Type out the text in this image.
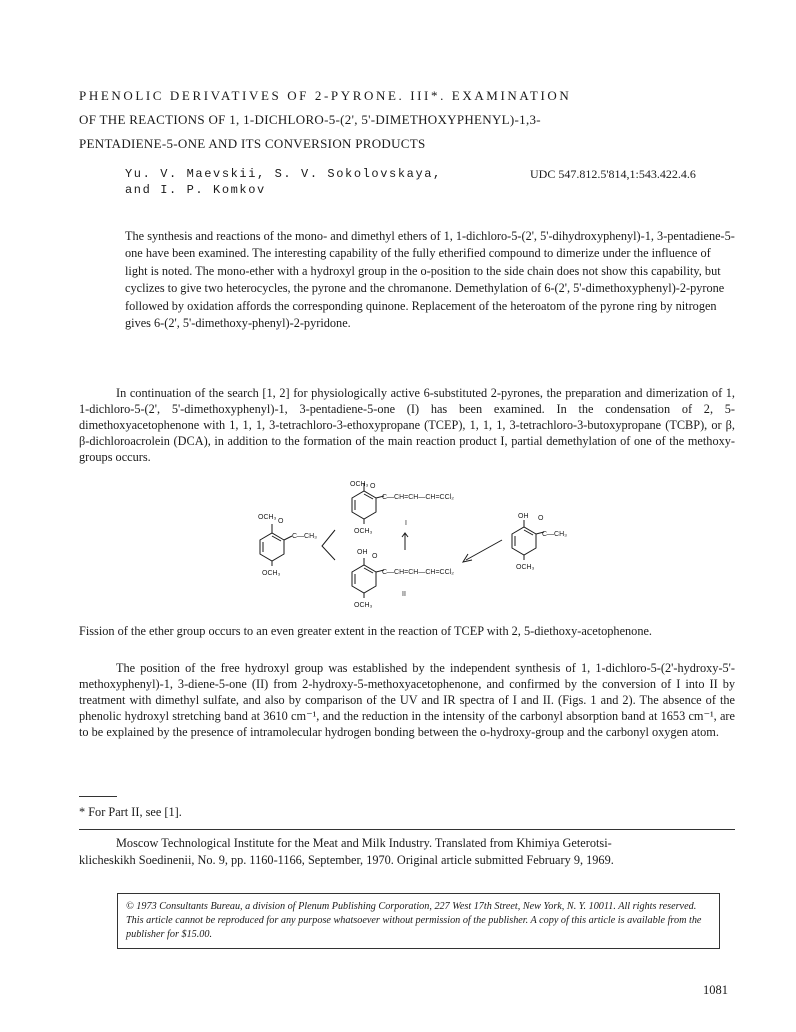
PHENOLIC DERIVATIVES OF 2-PYRONE. III*. EXAMINATION
OF THE REACTIONS OF 1, 1-DICHLORO-5-(2', 5'-DIMETHOXYPHENYL)-1,3-
PENTADIENE-5-ONE AND ITS CONVERSION PRODUCTS
Yu. V. Maevskii, S. V. Sokolovskaya,
and I. P. Komkov
UDC 547.812.5'814,1:543.422.4.6
The synthesis and reactions of the mono- and dimethyl ethers of 1, 1-dichloro-5-(2', 5'-dihydroxyphenyl)-1, 3-pentadiene-5-one have been examined. The interesting capability of the fully etherified compound to dimerize under the influence of light is noted. The mono-ether with a hydroxyl group in the o-position to the side chain does not show this capability, but cyclizes to give two heterocycles, the pyrone and the chromanone. Demethylation of 6-(2', 5'-dimethoxyphenyl)-2-pyrone followed by oxidation affords the corresponding quinone. Replacement of the heteroatom of the pyrone ring by nitrogen gives 6-(2', 5'-dimethoxy-phenyl)-2-pyridone.
In continuation of the search [1, 2] for physiologically active 6-substituted 2-pyrones, the preparation and dimerization of 1, 1-dichloro-5-(2', 5'-dimethoxyphenyl)-1, 3-pentadiene-5-one (I) has been examined. In the condensation of 2, 5-dimethoxyacetophenone with 1, 1, 1, 3-tetrachloro-3-ethoxypropane (TCEP), 1, 1, 1, 3-tetrachloro-3-butoxypropane (TCBP), or β, β-dichloroacrolein (DCA), in addition to the formation of the main reaction product I, partial demethylation of one of the methoxy-groups occurs.
OCH₃
O
C—CH₃
OCH₃
OCH₃ O
C—CH=CH—CH=CCl₂
OCH₃
I
OH
O
C—CH=CH—CH=CCl₂
OCH₃
II
OH O
C—CH₃
OCH₃
Fission of the ether group occurs to an even greater extent in the reaction of TCEP with 2, 5-diethoxy-acetophenone.
The position of the free hydroxyl group was established by the independent synthesis of 1, 1-dichloro-5-(2'-hydroxy-5'-methoxyphenyl)-1, 3-diene-5-one (II) from 2-hydroxy-5-methoxyacetophenone, and confirmed by the conversion of I into II by treatment with dimethyl sulfate, and also by comparison of the UV and IR spectra of I and II. (Figs. 1 and 2). The absence of the phenolic hydroxyl stretching band at 3610 cm⁻¹, and the reduction in the intensity of the carbonyl absorption band at 1653 cm⁻¹, are to be explained by the presence of intramolecular hydrogen bonding between the o-hydroxy-group and the carbonyl oxygen atom.
* For Part II, see [1].
Moscow Technological Institute for the Meat and Milk Industry. Translated from Khimiya Geterotsi-
klicheskikh Soedinenii, No. 9, pp. 1160-1166, September, 1970. Original article submitted February 9, 1969.
© 1973 Consultants Bureau, a division of Plenum Publishing Corporation, 227 West 17th Street, New York, N. Y. 10011. All rights reserved. This article cannot be reproduced for any purpose whatsoever without permission of the publisher. A copy of this article is available from the publisher for $15.00.
1081
